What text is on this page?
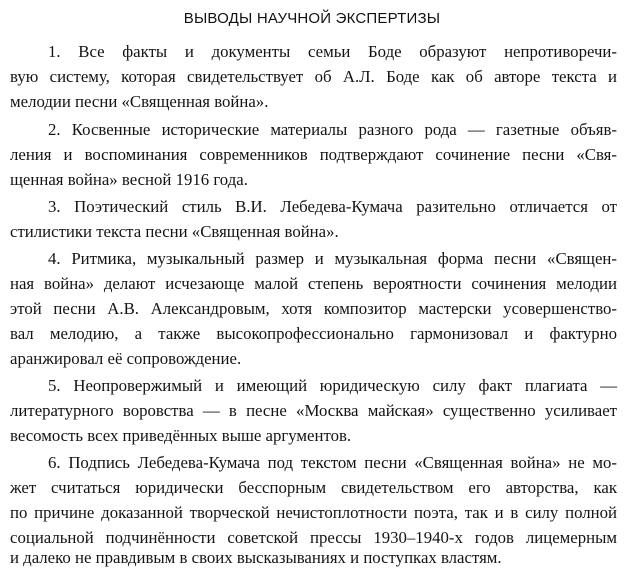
ВЫВОДЫ НАУЧНОЙ ЭКСПЕРТИЗЫ
1. Все факты и документы семьи Боде образуют непротиворечи-
вую систему, которая свидетельствует об А.Л. Боде как об авторе текста и
мелодии песни «Священная война».
2. Косвенные исторические материалы разного рода — газетные объяв-
ления и воспоминания современников подтверждают сочинение песни «Свя-
щенная война» весной 1916 года.
3. Поэтический стиль В.И. Лебедева-Кумача разительно отличается от
стилистики текста песни «Священная война».
4. Ритмика, музыкальный размер и музыкальная форма песни «Священ-
ная война» делают исчезающе малой степень вероятности сочинения мелодии
этой песни А.В. Александровым, хотя композитор мастерски усовершенство-
вал мелодию, а также высокопрофессионально гармонизовал и фактурно
аранжировал её сопровождение.
5. Неопровержимый и имеющий юридическую силу факт плагиата —
литературного воровства — в песне «Москва майская» существенно усиливает
весомость всех приведённых выше аргументов.
6. Подпись Лебедева-Кумача под текстом песни «Священная война» не мо-
жет считаться юридически бесспорным свидетельством его авторства, как
по причине доказанной творческой нечистоплотности поэта, так и в силу полной
социальной подчинённости советской прессы 1930–1940-х годов лицемерным
и далеко не правдивым в своих высказываниях и поступках властям.
